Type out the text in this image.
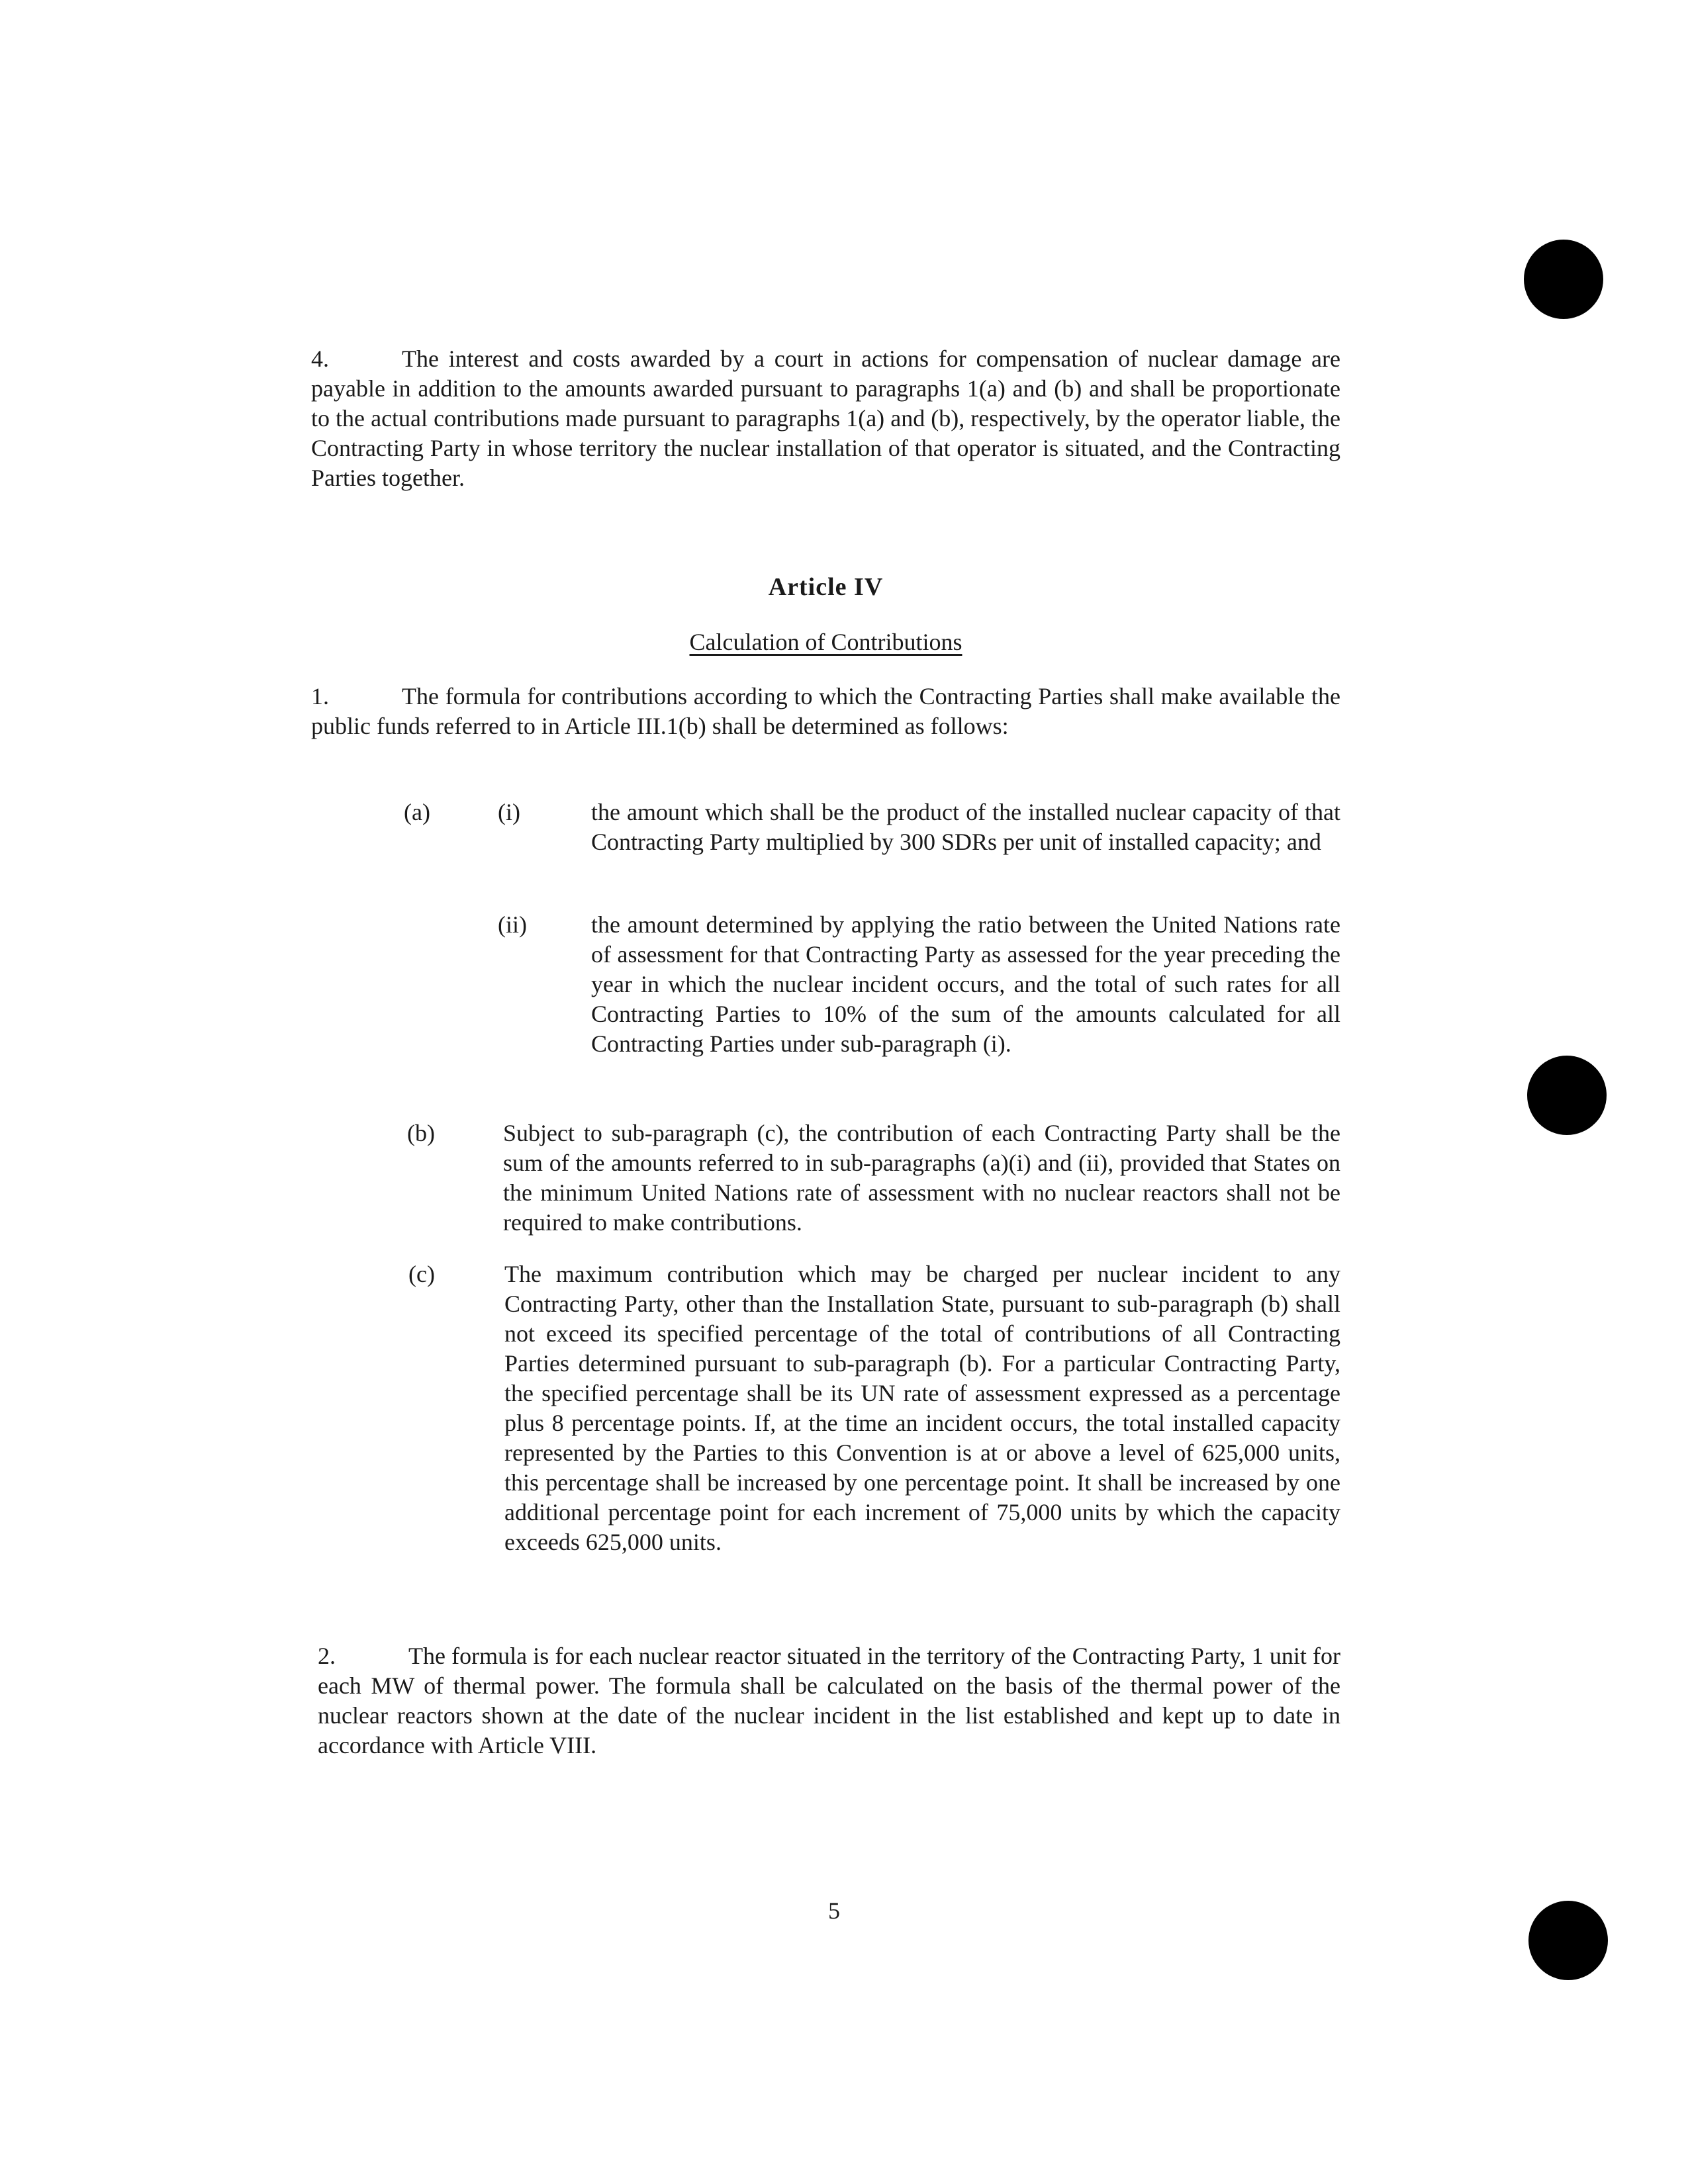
4.	The interest and costs awarded by a court in actions for compensation of nuclear damage are payable in addition to the amounts awarded pursuant to paragraphs 1(a) and (b) and shall be proportionate to the actual contributions made pursuant to paragraphs 1(a) and (b), respectively, by the operator liable, the Contracting Party in whose territory the nuclear installation of that operator is situated, and the Contracting Parties together.

Article IV
Calculation of Contributions

1.	The formula for contributions according to which the Contracting Parties shall make available the public funds referred to in Article III.1(b) shall be determined as follows:

(a)	(i)	the amount which shall be the product of the installed nuclear capacity of that Contracting Party multiplied by 300 SDRs per unit of installed capacity; and
(ii)	the amount determined by applying the ratio between the United Nations rate of assessment for that Contracting Party as assessed for the year preceding the year in which the nuclear incident occurs, and the total of such rates for all Contracting Parties to 10% of the sum of the amounts calculated for all Contracting Parties under sub-paragraph (i).
(b)	Subject to sub-paragraph (c), the contribution of each Contracting Party shall be the sum of the amounts referred to in sub-paragraphs (a)(i) and (ii), provided that States on the minimum United Nations rate of assessment with no nuclear reactors shall not be required to make contributions.
(c)	The maximum contribution which may be charged per nuclear incident to any Contracting Party, other than the Installation State, pursuant to sub-paragraph (b) shall not exceed its specified percentage of the total of contributions of all Contracting Parties determined pursuant to sub-paragraph (b). For a particular Contracting Party, the specified percentage shall be its UN rate of assessment expressed as a percentage plus 8 percentage points. If, at the time an incident occurs, the total installed capacity represented by the Parties to this Convention is at or above a level of 625,000 units, this percentage shall be increased by one percentage point. It shall be increased by one additional percentage point for each increment of 75,000 units by which the capacity exceeds 625,000 units.

2.	The formula is for each nuclear reactor situated in the territory of the Contracting Party, 1 unit for each MW of thermal power. The formula shall be calculated on the basis of the thermal power of the nuclear reactors shown at the date of the nuclear incident in the list established and kept up to date in accordance with Article VIII.

5
